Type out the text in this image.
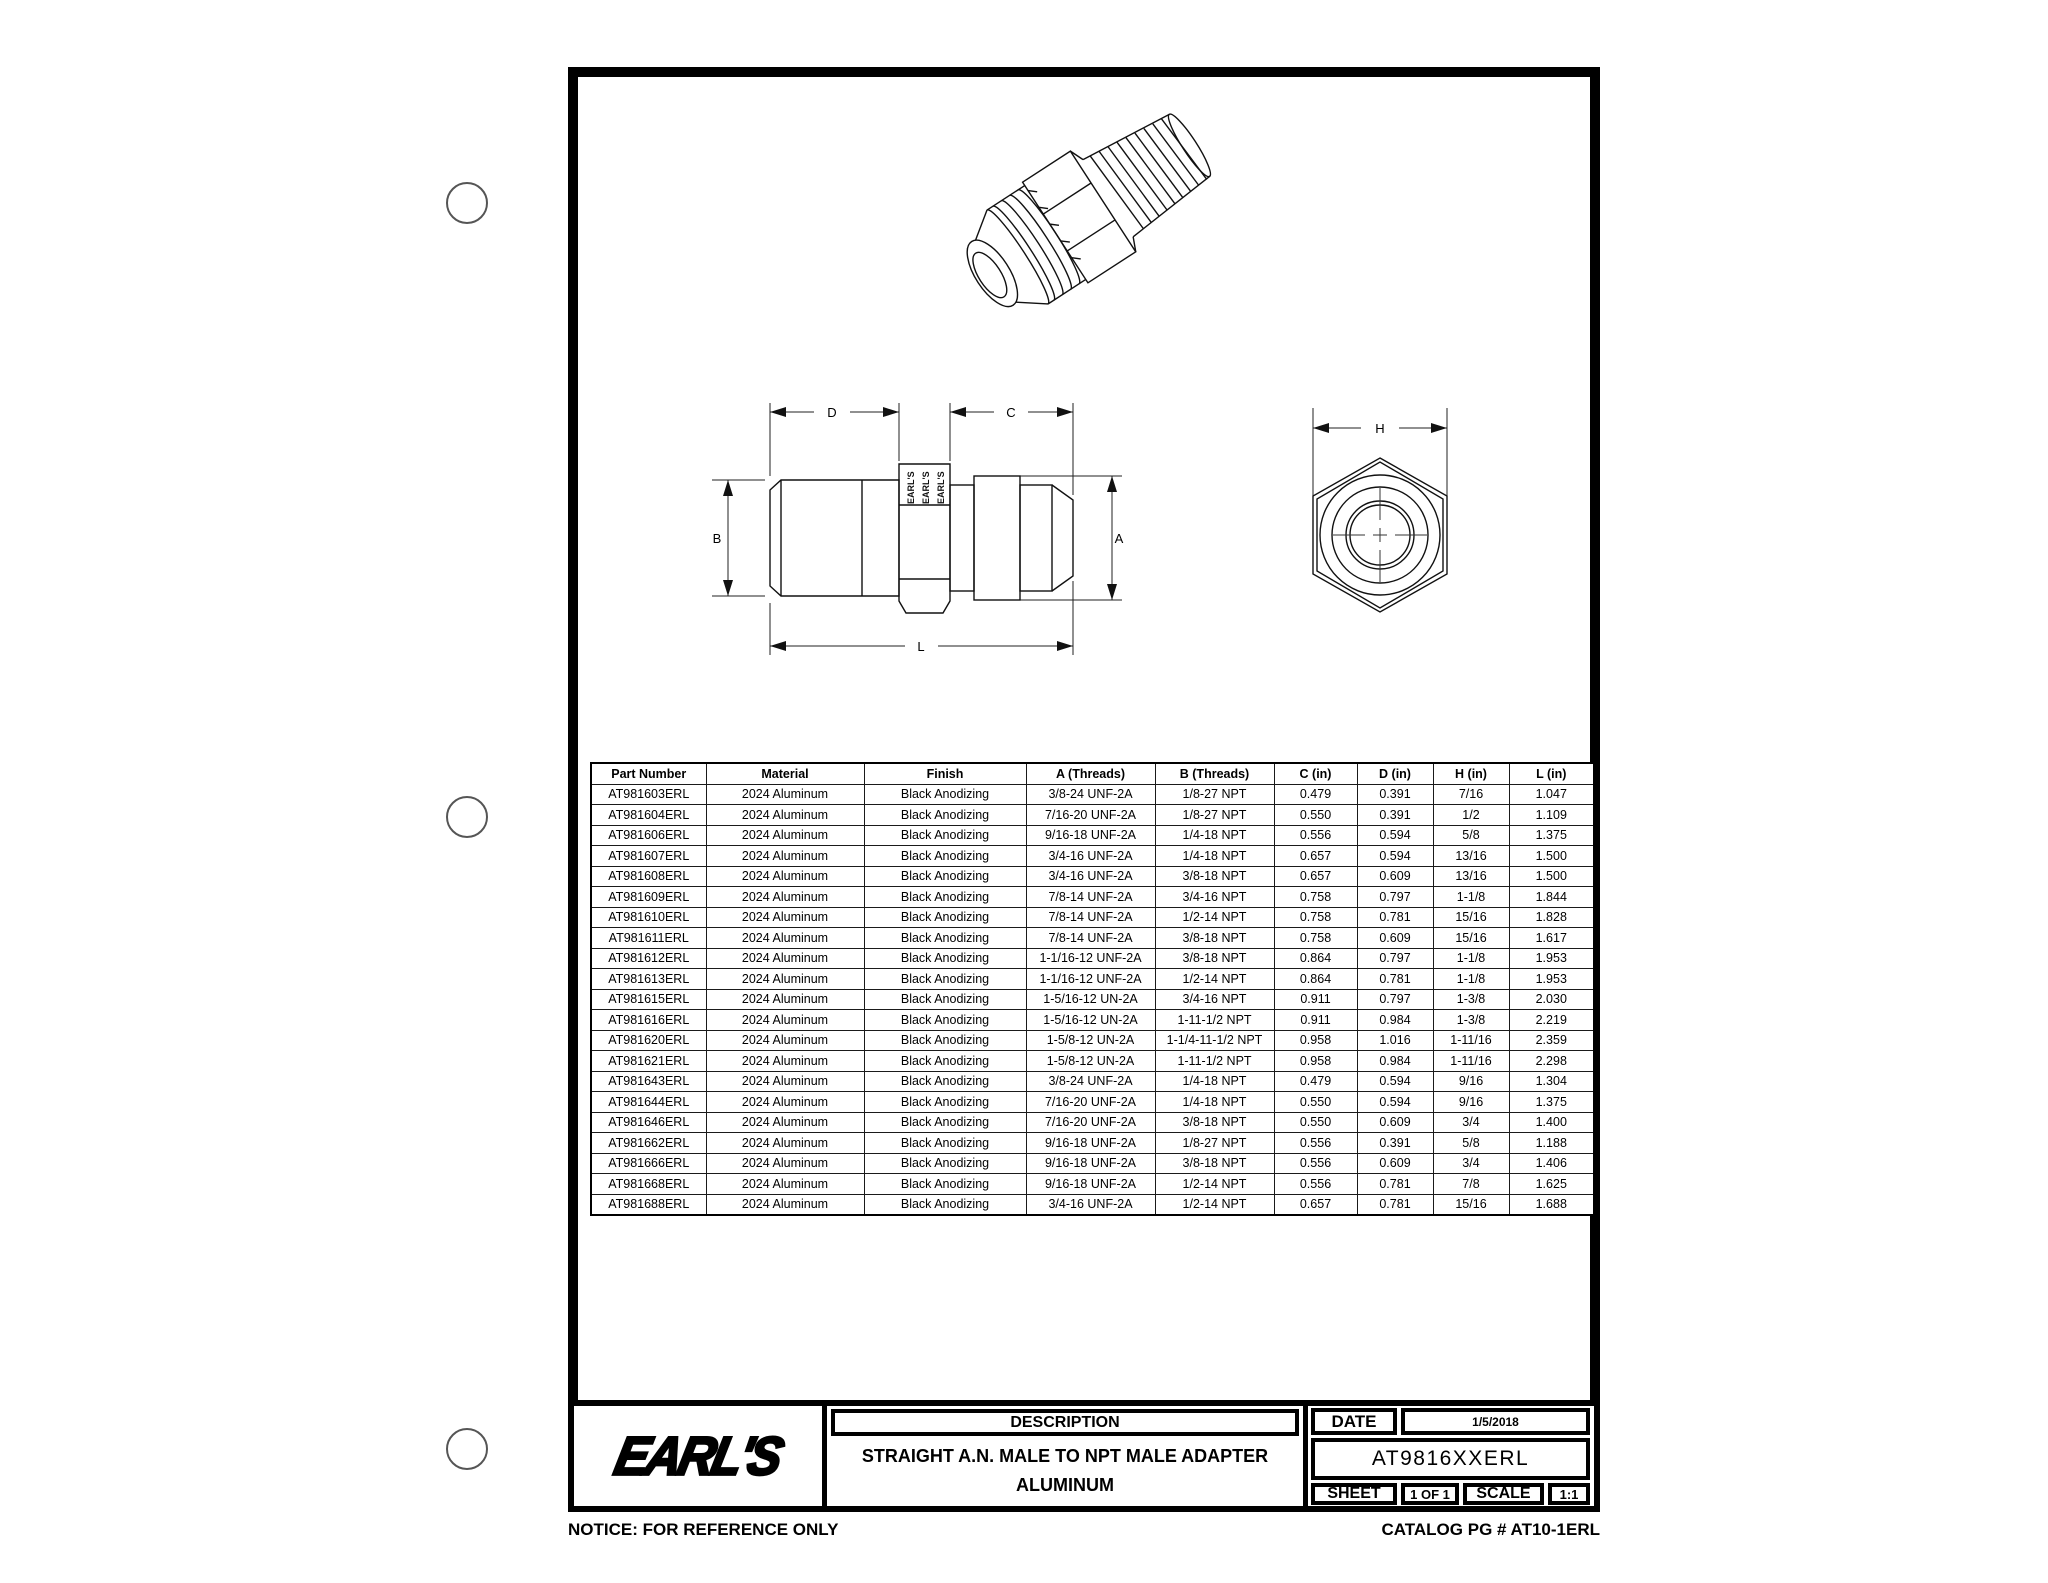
D	C
B	A
L
EARL'S EARL'S EARL'S
H
Part Number	Material	Finish	A (Threads)	B (Threads)	C (in)	D (in)	H (in)	L (in)
AT981603ERL	2024 Aluminum	Black Anodizing	3/8-24 UNF-2A	1/8-27 NPT	0.479	0.391	7/16	1.047
AT981604ERL	2024 Aluminum	Black Anodizing	7/16-20 UNF-2A	1/8-27 NPT	0.550	0.391	1/2	1.109
AT981606ERL	2024 Aluminum	Black Anodizing	9/16-18 UNF-2A	1/4-18 NPT	0.556	0.594	5/8	1.375
AT981607ERL	2024 Aluminum	Black Anodizing	3/4-16 UNF-2A	1/4-18 NPT	0.657	0.594	13/16	1.500
AT981608ERL	2024 Aluminum	Black Anodizing	3/4-16 UNF-2A	3/8-18 NPT	0.657	0.609	13/16	1.500
AT981609ERL	2024 Aluminum	Black Anodizing	7/8-14 UNF-2A	3/4-16 NPT	0.758	0.797	1-1/8	1.844
AT981610ERL	2024 Aluminum	Black Anodizing	7/8-14 UNF-2A	1/2-14 NPT	0.758	0.781	15/16	1.828
AT981611ERL	2024 Aluminum	Black Anodizing	7/8-14 UNF-2A	3/8-18 NPT	0.758	0.609	15/16	1.617
AT981612ERL	2024 Aluminum	Black Anodizing	1-1/16-12 UNF-2A	3/8-18 NPT	0.864	0.797	1-1/8	1.953
AT981613ERL	2024 Aluminum	Black Anodizing	1-1/16-12 UNF-2A	1/2-14 NPT	0.864	0.781	1-1/8	1.953
AT981615ERL	2024 Aluminum	Black Anodizing	1-5/16-12 UN-2A	3/4-16 NPT	0.911	0.797	1-3/8	2.030
AT981616ERL	2024 Aluminum	Black Anodizing	1-5/16-12 UN-2A	1-11-1/2 NPT	0.911	0.984	1-3/8	2.219
AT981620ERL	2024 Aluminum	Black Anodizing	1-5/8-12 UN-2A	1-1/4-11-1/2 NPT	0.958	1.016	1-11/16	2.359
AT981621ERL	2024 Aluminum	Black Anodizing	1-5/8-12 UN-2A	1-11-1/2 NPT	0.958	0.984	1-11/16	2.298
AT981643ERL	2024 Aluminum	Black Anodizing	3/8-24 UNF-2A	1/4-18 NPT	0.479	0.594	9/16	1.304
AT981644ERL	2024 Aluminum	Black Anodizing	7/16-20 UNF-2A	1/4-18 NPT	0.550	0.594	9/16	1.375
AT981646ERL	2024 Aluminum	Black Anodizing	7/16-20 UNF-2A	3/8-18 NPT	0.550	0.609	3/4	1.400
AT981662ERL	2024 Aluminum	Black Anodizing	9/16-18 UNF-2A	1/8-27 NPT	0.556	0.391	5/8	1.188
AT981666ERL	2024 Aluminum	Black Anodizing	9/16-18 UNF-2A	3/8-18 NPT	0.556	0.609	3/4	1.406
AT981668ERL	2024 Aluminum	Black Anodizing	9/16-18 UNF-2A	1/2-14 NPT	0.556	0.781	7/8	1.625
AT981688ERL	2024 Aluminum	Black Anodizing	3/4-16 UNF-2A	1/2-14 NPT	0.657	0.781	15/16	1.688
EARL'S
DESCRIPTION
STRAIGHT A.N. MALE TO NPT MALE ADAPTER
ALUMINUM
DATE	1/5/2018
AT9816XXERL
SHEET	1 OF 1	SCALE	1:1
NOTICE: FOR REFERENCE ONLY	CATALOG PG # AT10-1ERL
